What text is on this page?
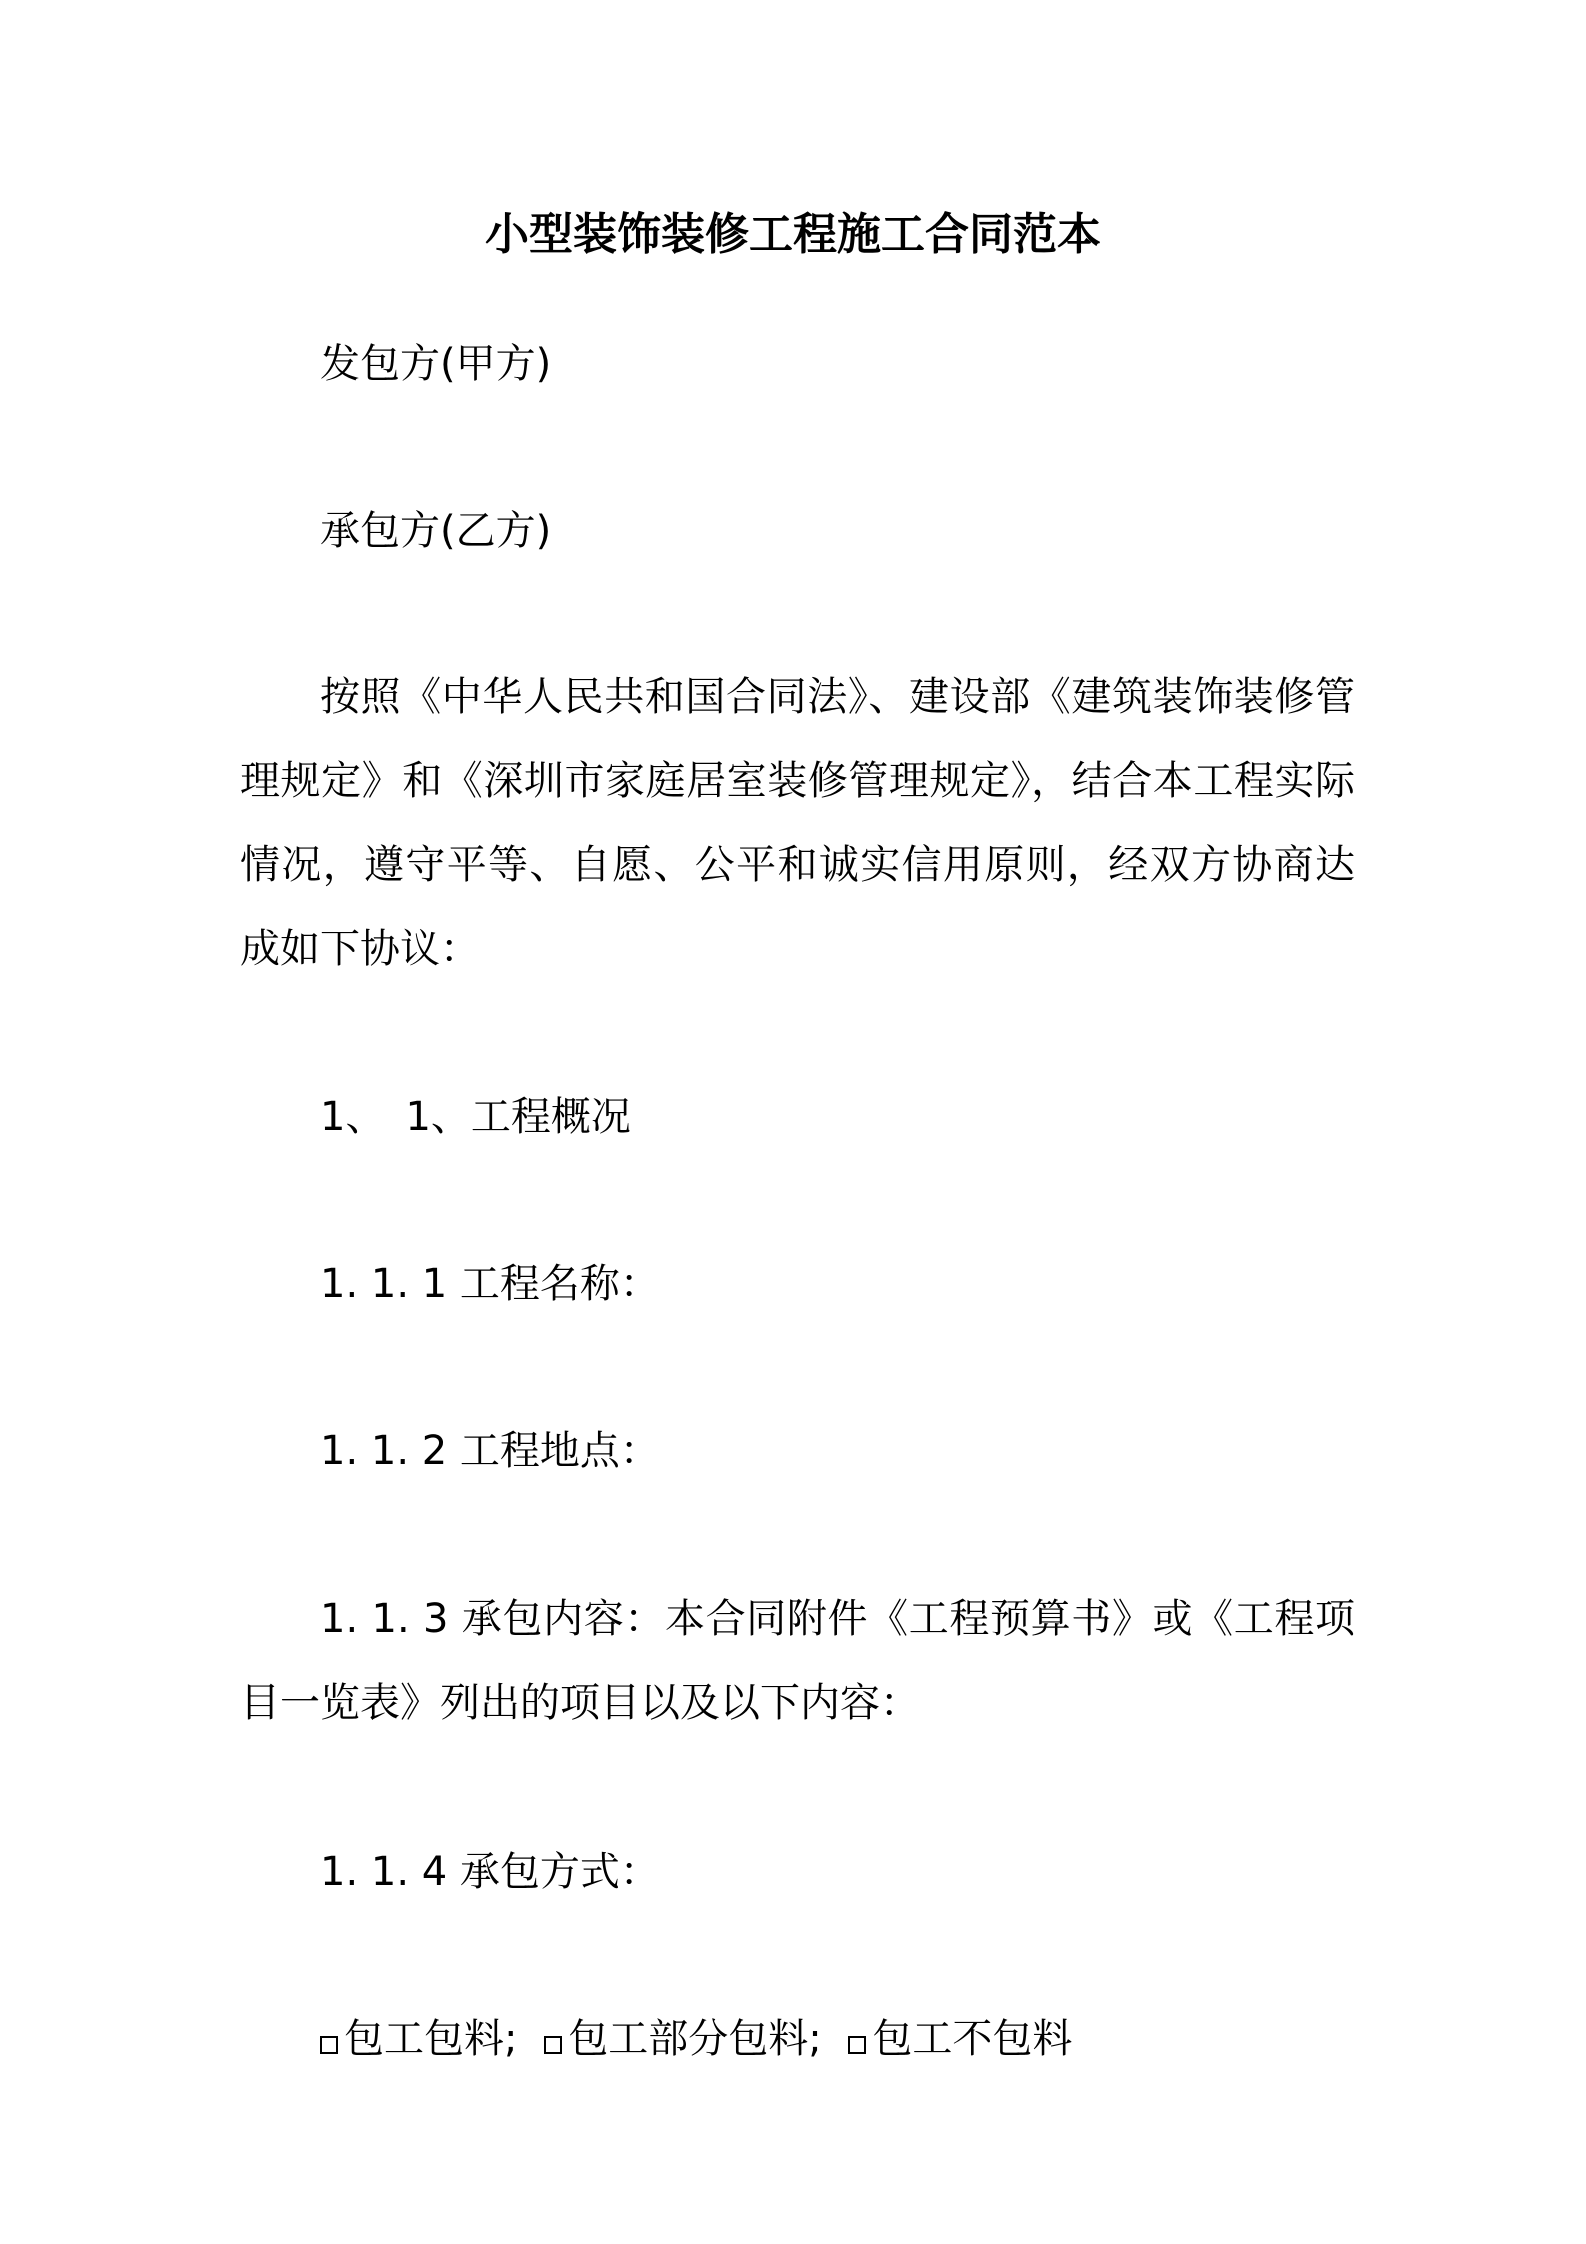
小型装饰装修工程施工合同范本
发包方(甲方)
承包方(乙方)
按照《中华人民共和国合同法》、建设部《建筑装饰装修管理规定》和《深圳市家庭居室装修管理规定》，结合本工程实际情况，遵守平等、自愿、公平和诚实信用原则，经双方协商达成如下协议：
1、　1、工程概况
1. 1. 1 工程名称：
1. 1. 2 工程地点：
1. 1. 3 承包内容：本合同附件《工程预算书》或《工程项目一览表》列出的项目以及以下内容：
1. 1. 4 承包方式：
包工包料; 包工部分包料; 包工不包料
